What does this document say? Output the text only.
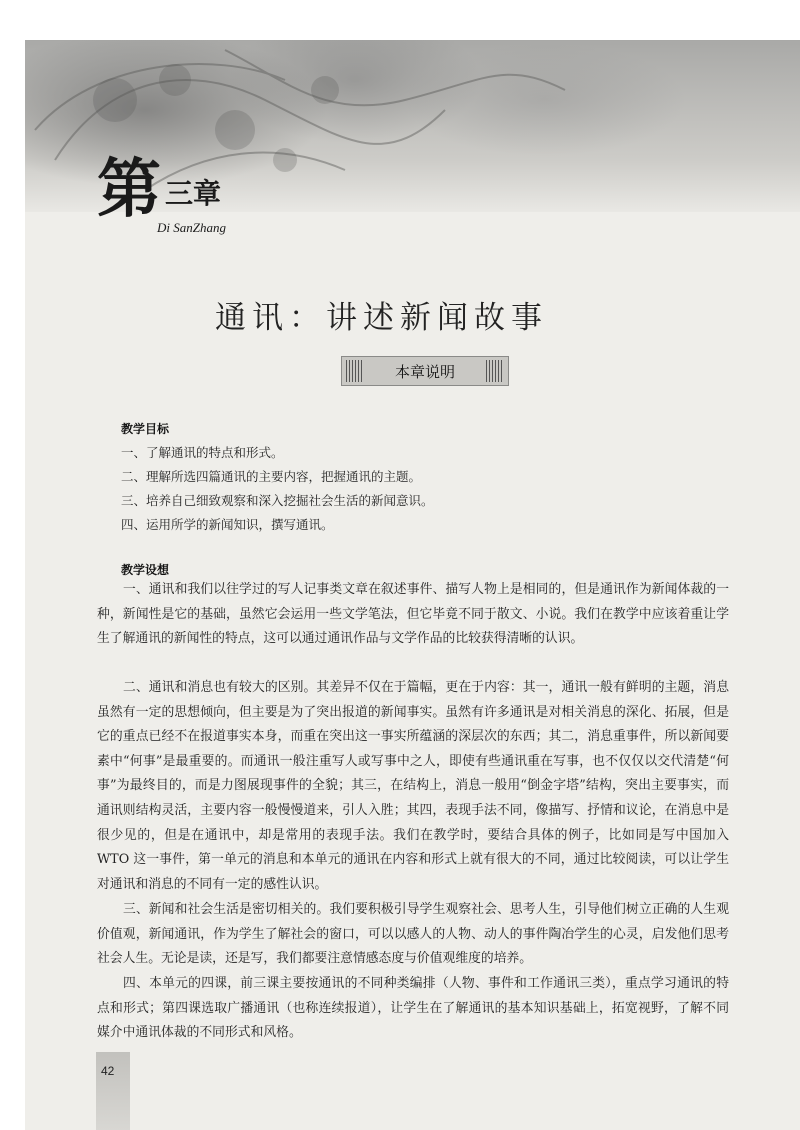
第 三章
Di SanZhang
通讯：讲述新闻故事
本章说明
教学目标
一、了解通讯的特点和形式。
二、理解所选四篇通讯的主要内容，把握通讯的主题。
三、培养自己细致观察和深入挖掘社会生活的新闻意识。
四、运用所学的新闻知识，撰写通讯。
教学设想
一、通讯和我们以往学过的写人记事类文章在叙述事件、描写人物上是相同的，但是通讯作为新闻体裁的一种，新闻性是它的基础，虽然它会运用一些文学笔法，但它毕竟不同于散文、小说。我们在教学中应该着重让学生了解通讯的新闻性的特点，这可以通过通讯作品与文学作品的比较获得清晰的认识。
二、通讯和消息也有较大的区别。其差异不仅在于篇幅，更在于内容：其一，通讯一般有鲜明的主题，消息虽然有一定的思想倾向，但主要是为了突出报道的新闻事实。虽然有许多通讯是对相关消息的深化、拓展，但是它的重点已经不在报道事实本身，而重在突出这一事实所蕴涵的深层次的东西；其二，消息重事件，所以新闻要素中“何事”是最重要的。而通讯一般注重写人或写事中之人，即使有些通讯重在写事，也不仅仅以交代清楚“何事”为最终目的，而是力图展现事件的全貌；其三，在结构上，消息一般用“倒金字塔”结构，突出主要事实，而通讯则结构灵活，主要内容一般慢慢道来，引人入胜；其四，表现手法不同，像描写、抒情和议论，在消息中是很少见的，但是在通讯中，却是常用的表现手法。我们在教学时，要结合具体的例子，比如同是写中国加入 WTO 这一事件，第一单元的消息和本单元的通讯在内容和形式上就有很大的不同，通过比较阅读，可以让学生对通讯和消息的不同有一定的感性认识。
三、新闻和社会生活是密切相关的。我们要积极引导学生观察社会、思考人生，引导他们树立正确的人生观价值观，新闻通讯，作为学生了解社会的窗口，可以以感人的人物、动人的事件陶冶学生的心灵，启发他们思考社会人生。无论是读，还是写，我们都要注意情感态度与价值观维度的培养。
四、本单元的四课，前三课主要按通讯的不同种类编排（人物、事件和工作通讯三类），重点学习通讯的特点和形式；第四课选取广播通讯（也称连续报道），让学生在了解通讯的基本知识基础上，拓宽视野，了解不同媒介中通讯体裁的不同形式和风格。
42
